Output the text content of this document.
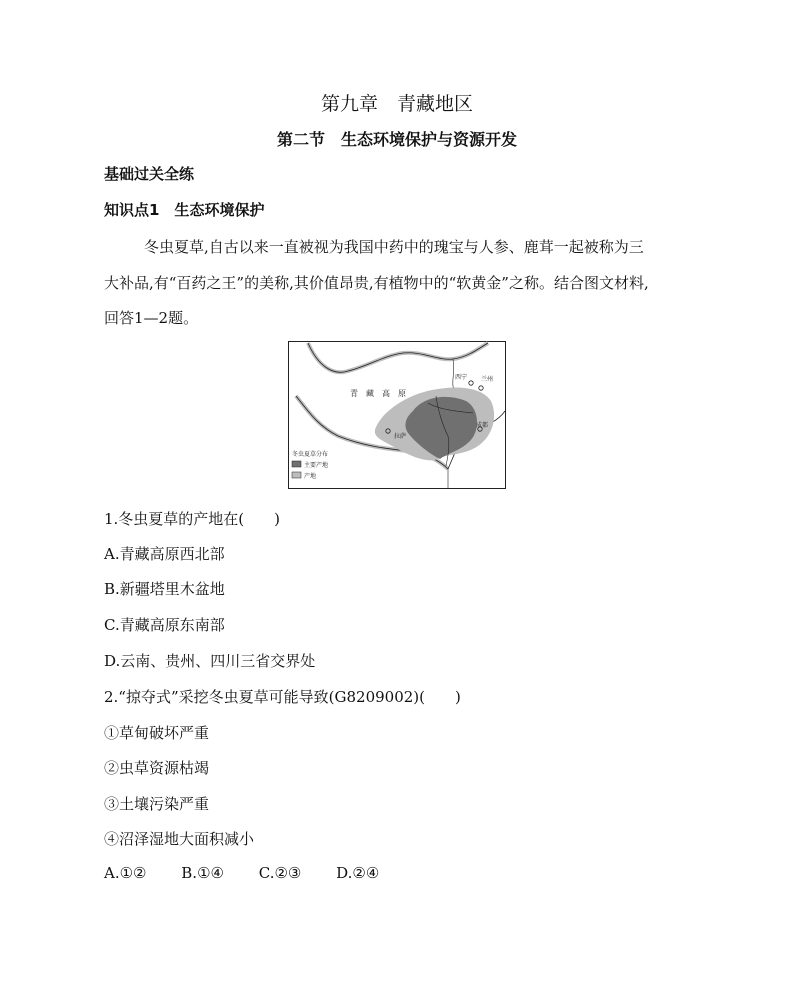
第九章　青藏地区
第二节　生态环境保护与资源开发
基础过关全练
知识点1　生态环境保护
冬虫夏草,自古以来一直被视为我国中药中的瑰宝与人参、鹿茸一起被称为三
大补品,有“百药之王”的美称,其价值昂贵,有植物中的“软黄金”之称。结合图文材料,
回答1—2题。
青　藏　高　原
西宁 兰州
拉萨
成都
冬虫夏草分布
主要产地
产地
1.冬虫夏草的产地在(　　)
A.青藏高原西北部
B.新疆塔里木盆地
C.青藏高原东南部
D.云南、贵州、四川三省交界处
2.“掠夺式”采挖冬虫夏草可能导致(G8209002)(　　)
①草甸破坏严重
②虫草资源枯竭
③土壤污染严重
④沼泽湿地大面积减小
A.①② B.①④ C.②③ D.②④
